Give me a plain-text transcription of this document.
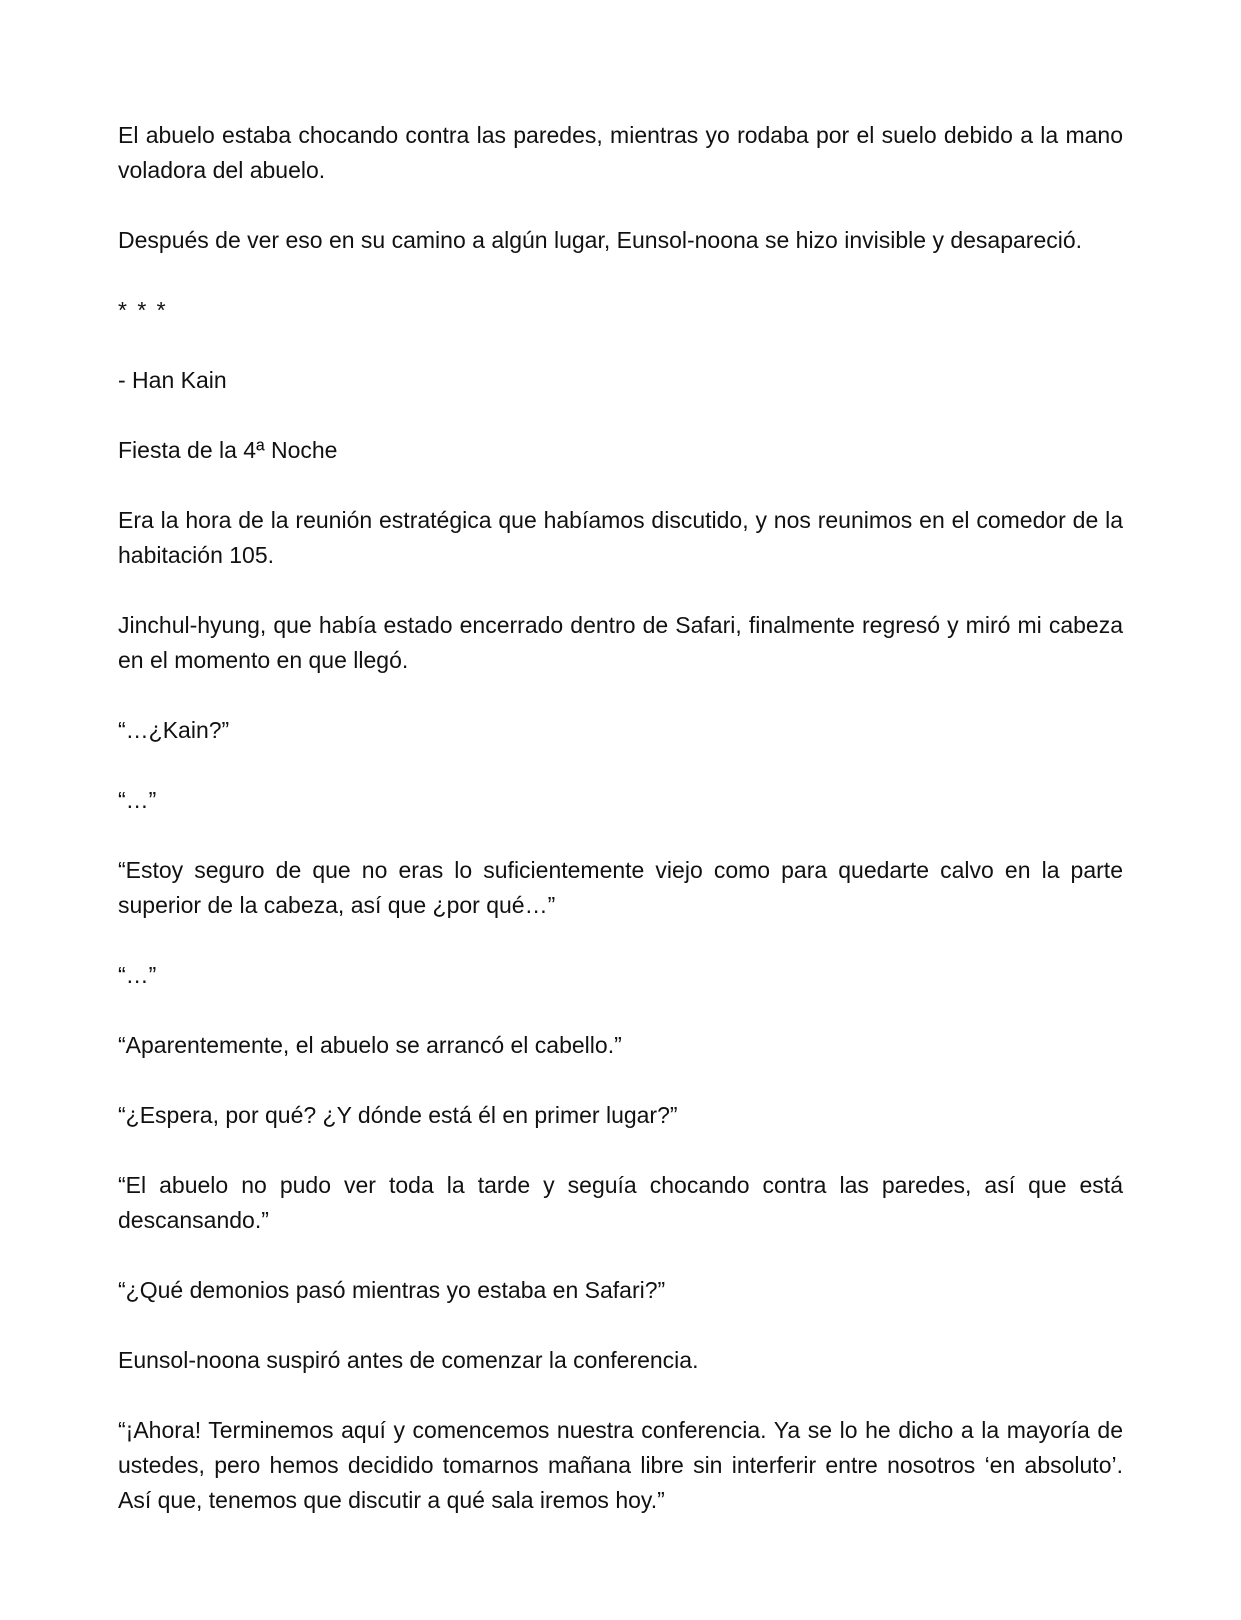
El abuelo estaba chocando contra las paredes, mientras yo rodaba por el suelo debido a la mano voladora del abuelo.

Después de ver eso en su camino a algún lugar, Eunsol-noona se hizo invisible y desapareció.

* * *

- Han Kain

Fiesta de la 4ª Noche

Era la hora de la reunión estratégica que habíamos discutido, y nos reunimos en el comedor de la habitación 105.

Jinchul-hyung, que había estado encerrado dentro de Safari, finalmente regresó y miró mi cabeza en el momento en que llegó.

“…¿Kain?”

“…”

“Estoy seguro de que no eras lo suficientemente viejo como para quedarte calvo en la parte superior de la cabeza, así que ¿por qué…”

“…”

“Aparentemente, el abuelo se arrancó el cabello.”

“¿Espera, por qué? ¿Y dónde está él en primer lugar?”

“El abuelo no pudo ver toda la tarde y seguía chocando contra las paredes, así que está descansando.”

“¿Qué demonios pasó mientras yo estaba en Safari?”

Eunsol-noona suspiró antes de comenzar la conferencia.

“¡Ahora! Terminemos aquí y comencemos nuestra conferencia. Ya se lo he dicho a la mayoría de ustedes, pero hemos decidido tomarnos mañana libre sin interferir entre nosotros ‘en absoluto’. Así que, tenemos que discutir a qué sala iremos hoy.”
